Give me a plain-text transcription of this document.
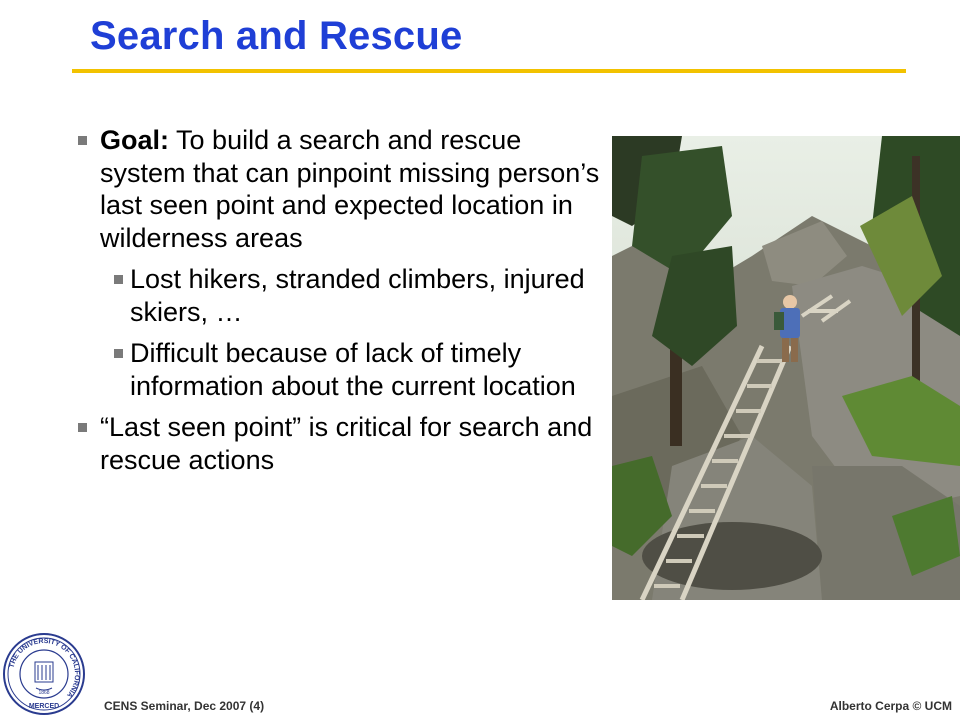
Search and Rescue
Goal: To build a search and rescue system that can pinpoint missing person’s last seen point and expected location in wilderness areas
Lost hikers, stranded climbers, injured skiers, …
Difficult because of lack of timely information about the current location
“Last seen point” is critical for search and rescue actions
THE UNIVERSITY OF CALIFORNIA
1868
MERCED	CENS Seminar, Dec 2007 (4)	Alberto Cerpa © UCM
